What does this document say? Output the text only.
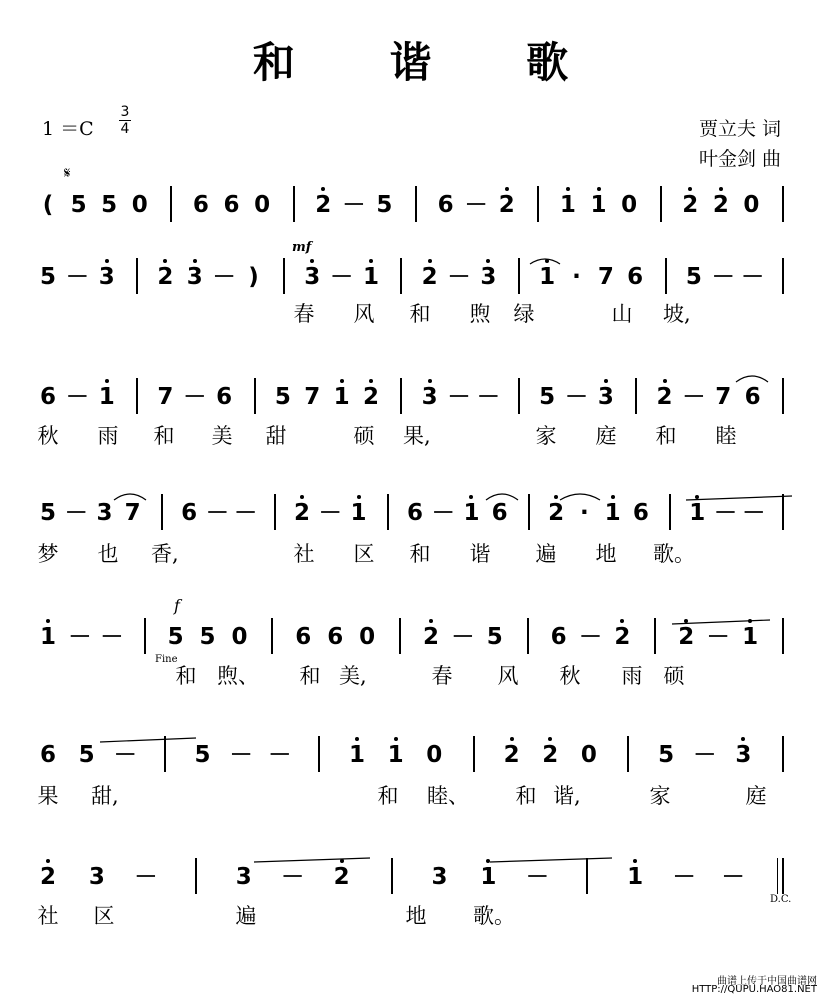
和 谐 歌
1 ＝C
3
4	贾立夫 词
叶金剑 曲
𝄋
mf
f
Fine
D.C.
( 5 5 0 6 6 0 2 － 5 6 － 2 1 1 0 2 2 0
5 － 3 2 3 － ) 3 － 1 2 － 3 1 · 7 6 5 － －
春 风 和 煦 绿	山 坡,
6 － 1 7 － 6 5 7 1 2 3 － － 5 － 3 2 － 7 6
秋 雨 和 美 甜	硕 果,	家 庭 和 睦
5 － 3 7 6 － － 2 － 1 6 － 1 6 2 · 1 6 1 － －
梦 也 香,	社 区 和 谐 遍 地 歌。
1 － － 5 5 0 6 6 0 2 － 5 6 － 2 2 － 1
和 煦、 和 美,	春 风 秋 雨 硕
6 5 －	5 － －	1 1 0	2 2 0	5 － 3
果 甜,	和 睦、 和 谐,	家	庭
2 3 －	3 － 2	3 1 －	1 － －
社 区	遍	地 歌。
曲谱上传于中国曲谱网
HTTP://QUPU.HAO81.NET
